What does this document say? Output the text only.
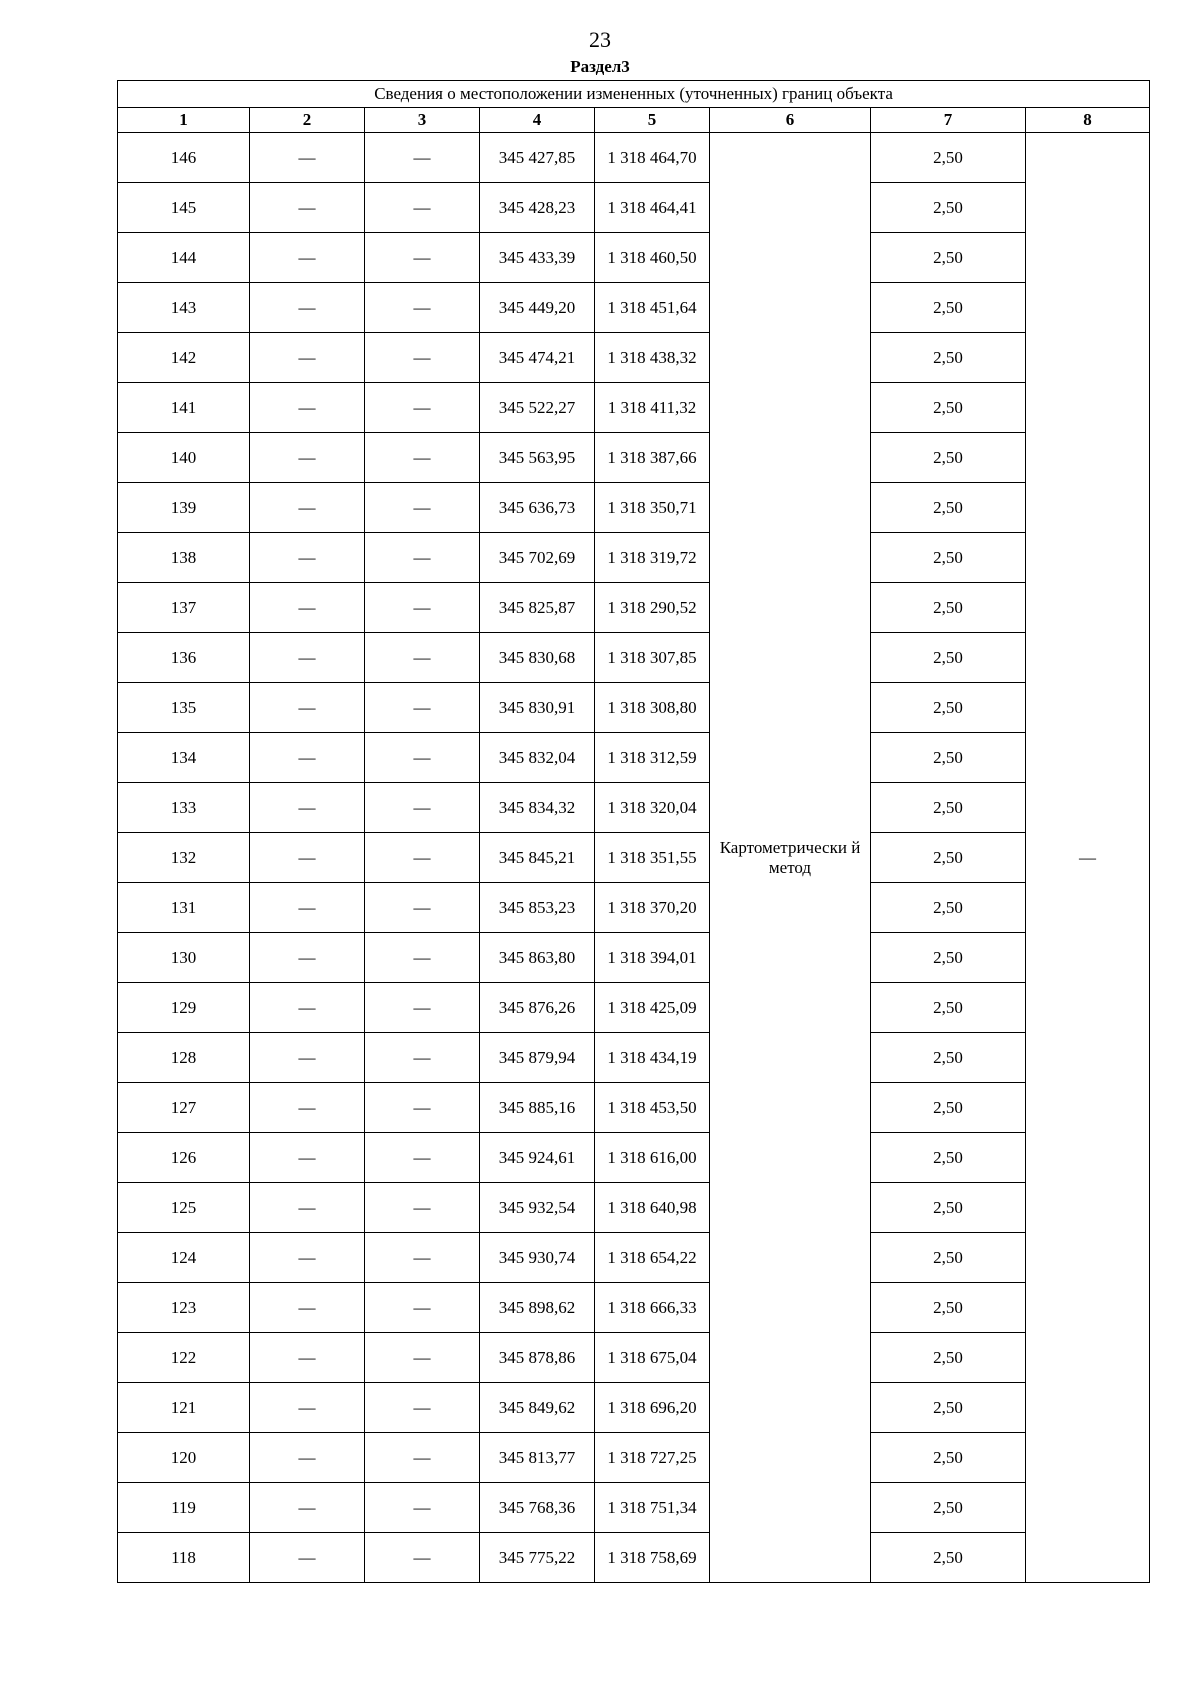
23
Раздел3
Сведения о местоположении измененных (уточненных) границ объекта							
1	2	3	4	5	6	7	8
146	—	—	345 427,85	1 318 464,70	Картометрически й метод	2,50	—
145	—	—	345 428,23	1 318 464,41		2,50	
144	—	—	345 433,39	1 318 460,50		2,50	
143	—	—	345 449,20	1 318 451,64		2,50	
142	—	—	345 474,21	1 318 438,32		2,50	
141	—	—	345 522,27	1 318 411,32		2,50	
140	—	—	345 563,95	1 318 387,66		2,50	
139	—	—	345 636,73	1 318 350,71		2,50	
138	—	—	345 702,69	1 318 319,72		2,50	
137	—	—	345 825,87	1 318 290,52		2,50	
136	—	—	345 830,68	1 318 307,85		2,50	
135	—	—	345 830,91	1 318 308,80		2,50	
134	—	—	345 832,04	1 318 312,59		2,50	
133	—	—	345 834,32	1 318 320,04		2,50	
132	—	—	345 845,21	1 318 351,55		2,50	
131	—	—	345 853,23	1 318 370,20		2,50	
130	—	—	345 863,80	1 318 394,01		2,50	
129	—	—	345 876,26	1 318 425,09		2,50	
128	—	—	345 879,94	1 318 434,19		2,50	
127	—	—	345 885,16	1 318 453,50		2,50	
126	—	—	345 924,61	1 318 616,00		2,50	
125	—	—	345 932,54	1 318 640,98		2,50	
124	—	—	345 930,74	1 318 654,22		2,50	
123	—	—	345 898,62	1 318 666,33		2,50	
122	—	—	345 878,86	1 318 675,04		2,50	
121	—	—	345 849,62	1 318 696,20		2,50	
120	—	—	345 813,77	1 318 727,25		2,50	
119	—	—	345 768,36	1 318 751,34		2,50	
118	—	—	345 775,22	1 318 758,69		2,50	
